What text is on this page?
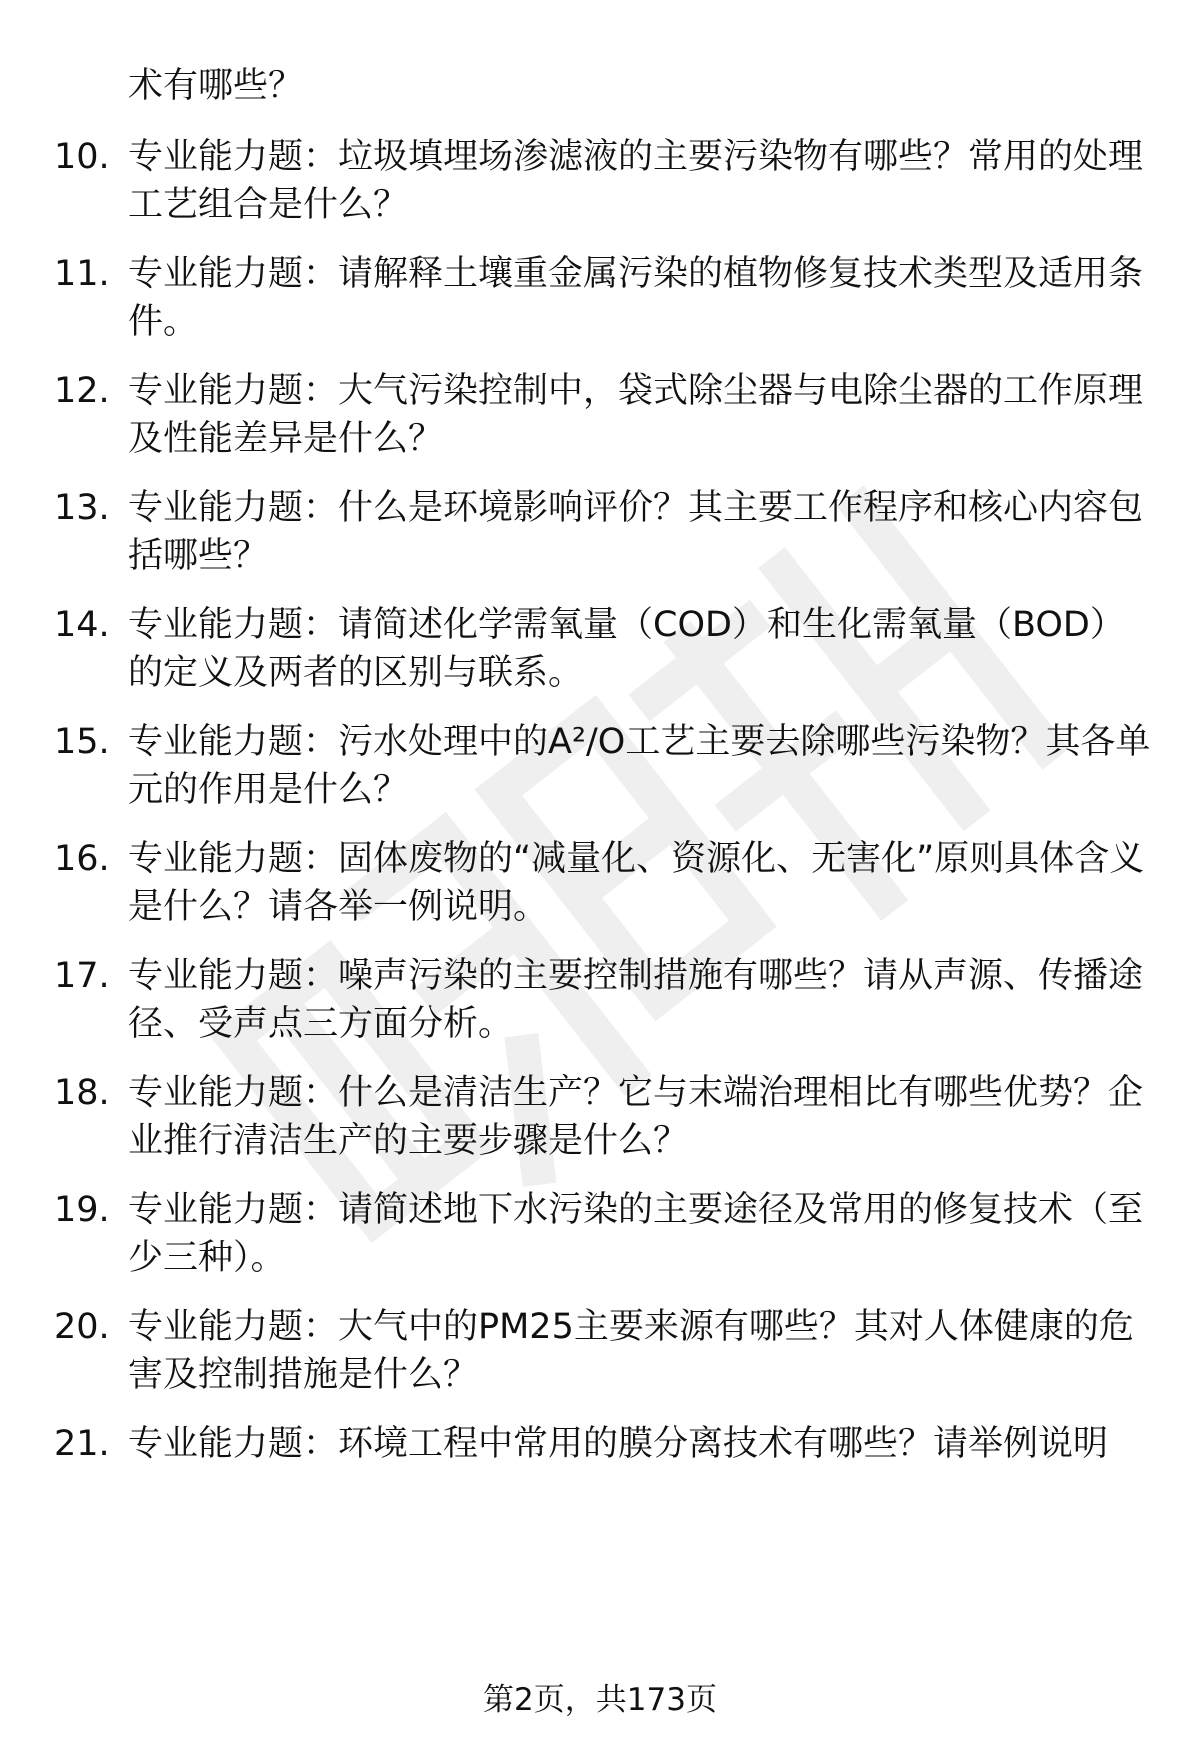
术有哪些？
10. 专业能力题：垃圾填埋场渗滤液的主要污染物有哪些？常用的处理工艺组合是什么？
11. 专业能力题：请解释土壤重金属污染的植物修复技术类型及适用条件。
12. 专业能力题：大气污染控制中，袋式除尘器与电除尘器的工作原理及性能差异是什么？
13. 专业能力题：什么是环境影响评价？其主要工作程序和核心内容包括哪些？
14. 专业能力题：请简述化学需氧量（COD）和生化需氧量（BOD）的定义及两者的区别与联系。
15. 专业能力题：污水处理中的A²/O工艺主要去除哪些污染物？其各单元的作用是什么？
16. 专业能力题：固体废物的“减量化、资源化、无害化”原则具体含义是什么？请各举一例说明。
17. 专业能力题：噪声污染的主要控制措施有哪些？请从声源、传播途径、受声点三方面分析。
18. 专业能力题：什么是清洁生产？它与末端治理相比有哪些优势？企业推行清洁生产的主要步骤是什么？
19. 专业能力题：请简述地下水污染的主要途径及常用的修复技术（至少三种）。
20. 专业能力题：大气中的PM25主要来源有哪些？其对人体健康的危害及控制措施是什么？
21. 专业能力题：环境工程中常用的膜分离技术有哪些？请举例说明
第2页，共173页
